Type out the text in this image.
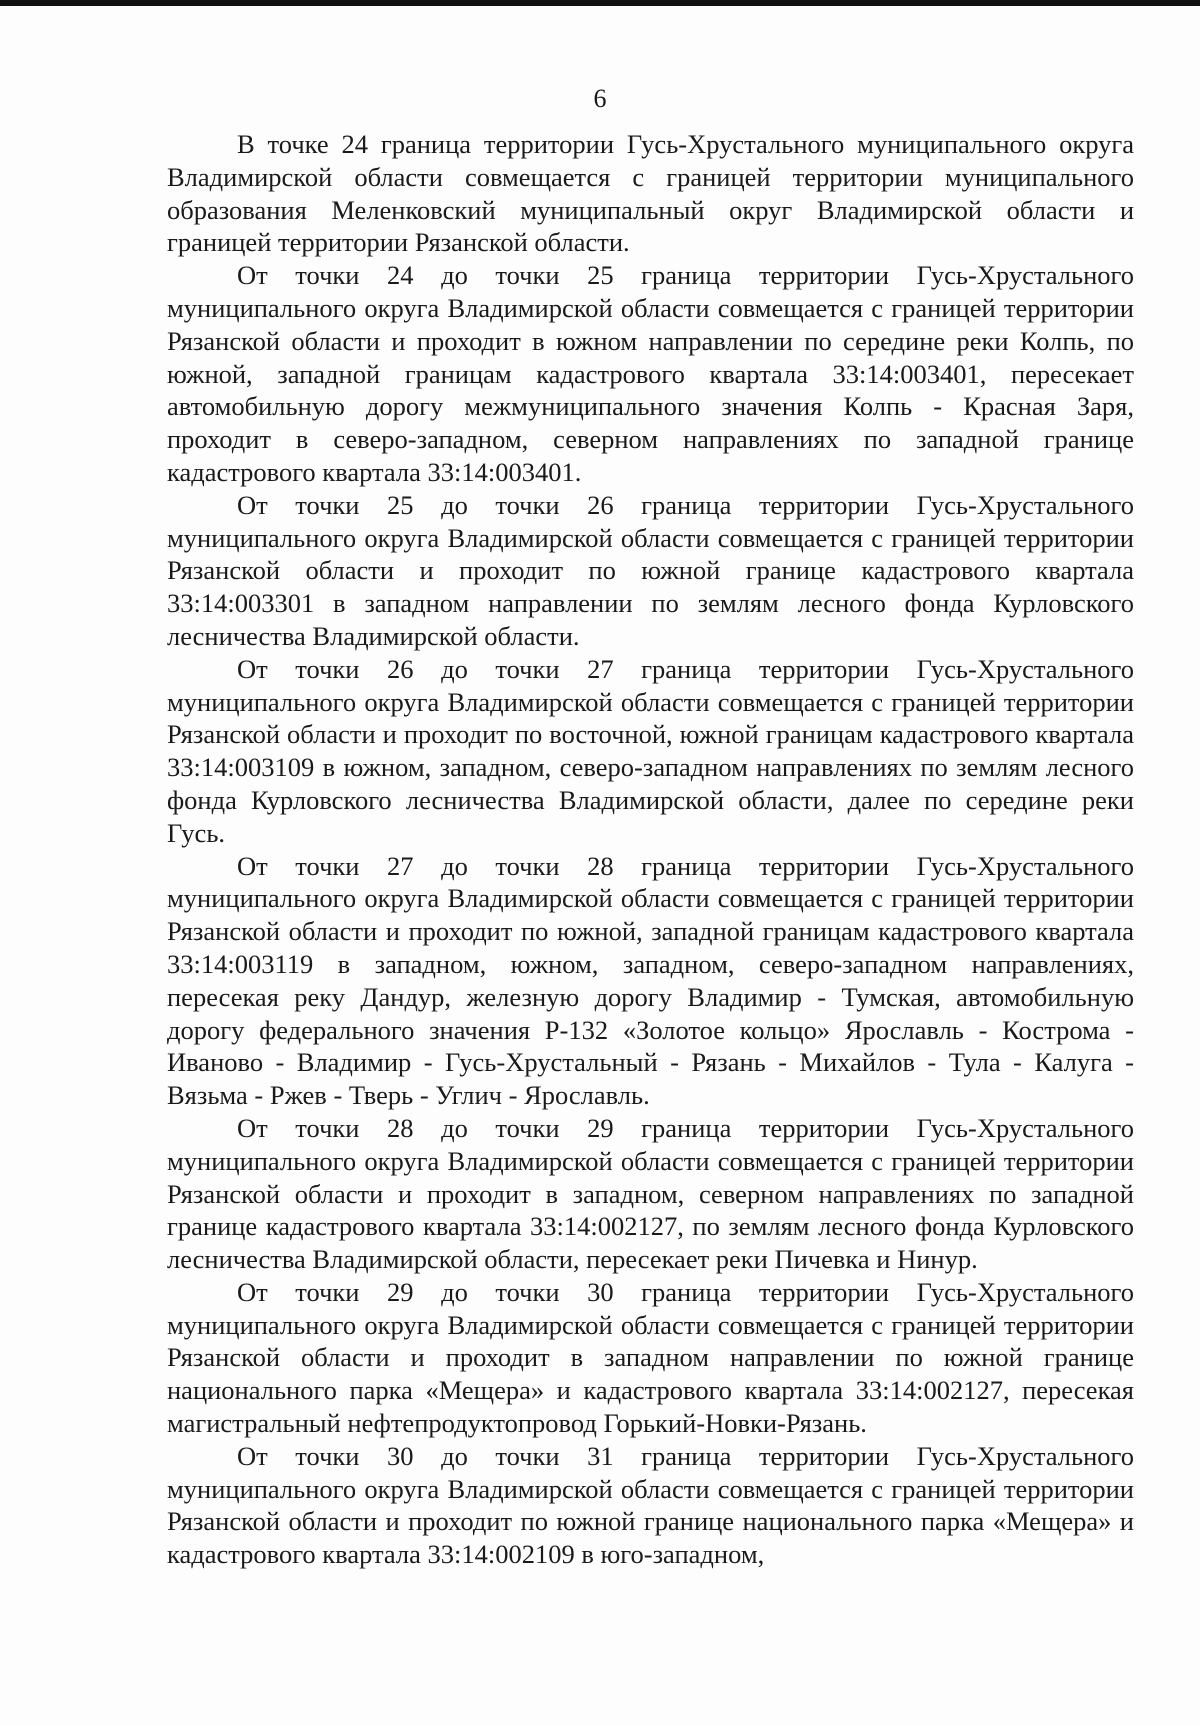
6

В точке 24 граница территории Гусь-Хрустального муниципального округа Владимирской области совмещается с границей территории муниципального образования Меленковский муниципальный округ Владимирской области и границей территории Рязанской области.

От точки 24 до точки 25 граница территории Гусь-Хрустального муниципального округа Владимирской области совмещается с границей территории Рязанской области и проходит в южном направлении по середине реки Колпь, по южной, западной границам кадастрового квартала 33:14:003401, пересекает автомобильную дорогу межмуниципального значения Колпь - Красная Заря, проходит в северо-западном, северном направлениях по западной границе кадастрового квартала 33:14:003401.

От точки 25 до точки 26 граница территории Гусь-Хрустального муниципального округа Владимирской области совмещается с границей территории Рязанской области и проходит по южной границе кадастрового квартала 33:14:003301 в западном направлении по землям лесного фонда Курловского лесничества Владимирской области.

От точки 26 до точки 27 граница территории Гусь-Хрустального муниципального округа Владимирской области совмещается с границей территории Рязанской области и проходит по восточной, южной границам кадастрового квартала 33:14:003109 в южном, западном, северо-западном направлениях по землям лесного фонда Курловского лесничества Владимирской области, далее по середине реки Гусь.

От точки 27 до точки 28 граница территории Гусь-Хрустального муниципального округа Владимирской области совмещается с границей территории Рязанской области и проходит по южной, западной границам кадастрового квартала 33:14:003119 в западном, южном, западном, северо-западном направлениях, пересекая реку Дандур, железную дорогу Владимир - Тумская, автомобильную дорогу федерального значения Р-132 «Золотое кольцо» Ярославль - Кострома - Иваново - Владимир - Гусь-Хрустальный - Рязань - Михайлов - Тула - Калуга - Вязьма - Ржев - Тверь - Углич - Ярославль.

От точки 28 до точки 29 граница территории Гусь-Хрустального муниципального округа Владимирской области совмещается с границей территории Рязанской области и проходит в западном, северном направлениях по западной границе кадастрового квартала 33:14:002127, по землям лесного фонда Курловского лесничества Владимирской области, пересекает реки Пичевка и Нинур.

От точки 29 до точки 30 граница территории Гусь-Хрустального муниципального округа Владимирской области совмещается с границей территории Рязанской области и проходит в западном направлении по южной границе национального парка «Мещера» и кадастрового квартала 33:14:002127, пересекая магистральный нефтепродуктопровод Горький-Новки-Рязань.

От точки 30 до точки 31 граница территории Гусь-Хрустального муниципального округа Владимирской области совмещается с границей территории Рязанской области и проходит по южной границе национального парка «Мещера» и кадастрового квартала 33:14:002109 в юго-западном,
